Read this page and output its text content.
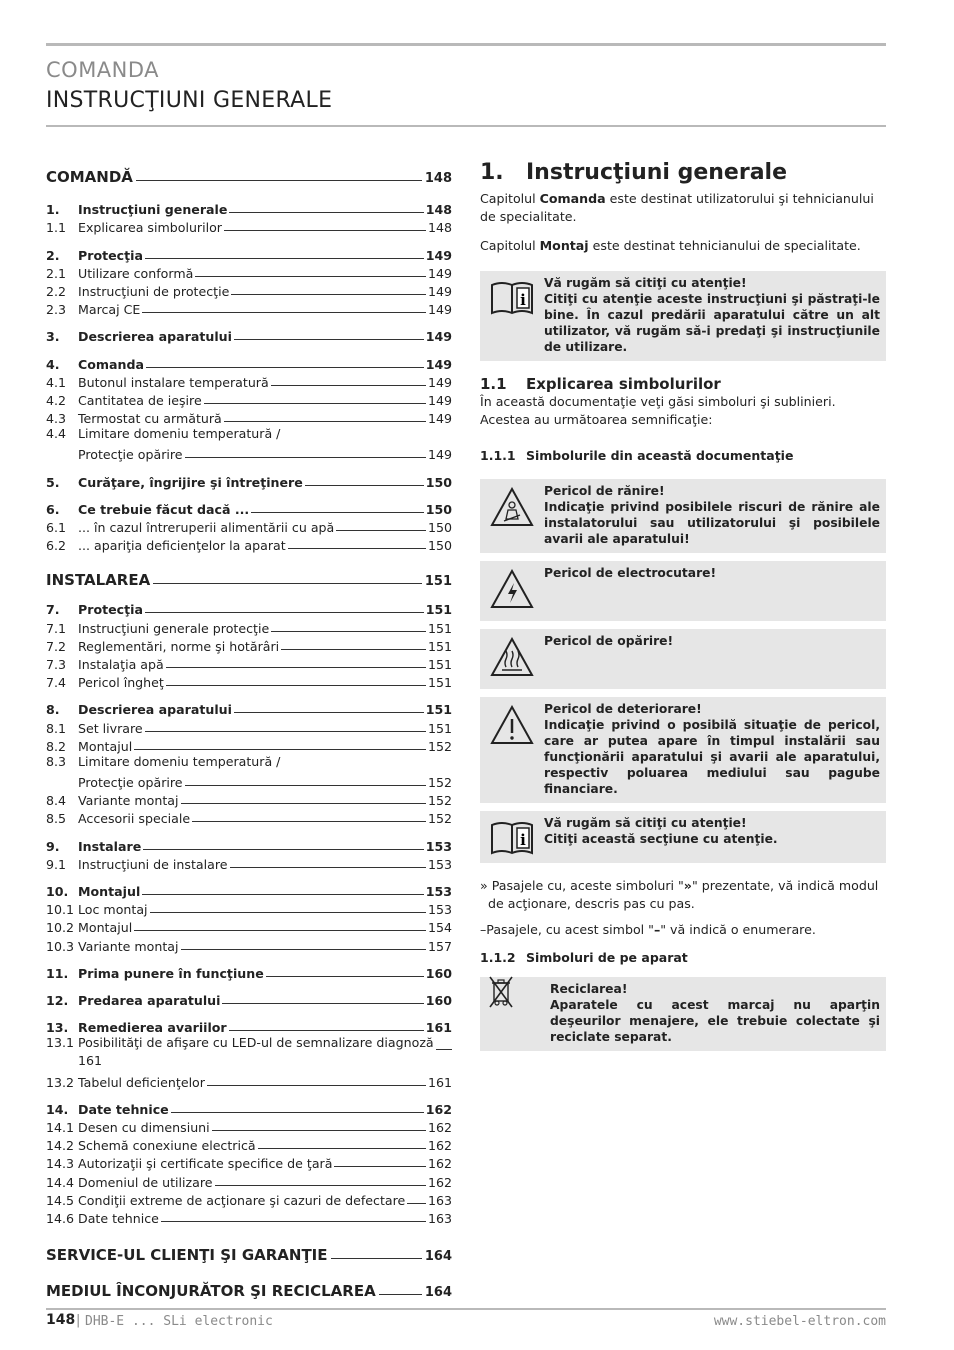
COMANDA
INSTRUCŢIUNI GENERALE
COMANDĂ	148
1.	Instrucţiuni generale	148
1.1 Explicarea simbolurilor	148
2.	Protecţia	149
2.1 Utilizare conformă	149
2.2 Instrucţiuni de protecţie	149
2.3 Marcaj CE	149
3.	Descrierea aparatului	149
4.	Comanda	149
4.1 Butonul instalare temperatură	149
4.2 Cantitatea de ieşire	149
4.3 Termostat cu armătură	149
4.4 Limitare domeniu temperatură /
Protecţie opărire	149
5.	Curăţare, îngrijire şi întreţinere	150
6.	Ce trebuie făcut dacă ...	150
6.1 ... în cazul întreruperii alimentării cu apă	150
6.2 ... apariţia deficienţelor la aparat	150
INSTALAREA	151
7.	Protecţia	151
7.1 Instrucţiuni generale protecţie	151
7.2 Reglementări, norme şi hotărâri	151
7.3 Instalaţia apă	151
7.4 Pericol îngheţ	151
8.	Descrierea aparatului	151
8.1 Set livrare	151
8.2 Montajul	152
8.3 Limitare domeniu temperatură /
Protecţie opărire	152
8.4 Variante montaj	152
8.5 Accesorii speciale	152
9.	Instalare	153
9.1 Instrucţiuni de instalare	153
10. Montajul	153
10.1 Loc montaj	153
10.2 Montajul	154
10.3 Variante montaj	157
11. Prima punere în funcţiune	160
12. Predarea aparatului	160
13. Remedierea avariilor	161
13.1 Posibilităţi de afişare cu LED-ul de semnalizare diagnoză
161
13.2 Tabelul deficienţelor	161
14. Date tehnice	162
14.1 Desen cu dimensiuni	162
14.2 Schemă conexiune electrică	162
14.3 Autorizaţii şi certificate specifice de ţară	162
14.4 Domeniul de utilizare	162
14.5 Condiţii extreme de acţionare şi cazuri de defectare 163
14.6 Date tehnice	163
SERVICE-UL CLIENŢI ŞI GARANŢIE	164
MEDIUL ÎNCONJURĂTOR ŞI RECICLAREA	164
1.	Instrucţiuni generale

Capitolul Comanda este destinat utilizatorului şi tehnicianului de specialitate.

Capitolul Montaj este destinat tehnicianului de specialitate.

i
Vă rugăm să citiţi cu atenţie!
Citiţi cu atenţie aceste instrucţiuni şi păstraţi-le bine. În cazul predării aparatului către un alt utilizator, vă rugăm să-i predaţi şi instrucţiunile de utilizare.
1.1	Explicarea simbolurilor

În această documentaţie veţi găsi simboluri şi sublinieri. Acestea au următoarea semnificaţie:

1.1.1 Simbolurile din această documentaţie
Pericol de rănire!
Indicaţie privind posibilele riscuri de rănire ale instalatorului sau utilizatorului şi posibilele avarii ale aparatului!
Pericol de electrocutare!
Pericol de opărire!
Pericol de deteriorare!
Indicaţie privind o posibilă situaţie de pericol, care ar putea apare în timpul instalării sau funcţionării aparatului şi avarii ale aparatului, respectiv poluarea mediului sau pagube financiare.
i
Vă rugăm să citiţi cu atenţie!
Citiţi această secţiune cu atenţie.

» Pasajele cu, aceste simboluri "»" prezentate, vă indică modul de acţionare, descris pas cu pas.

–Pasajele, cu acest simbol "–" vă indică o enumerare.

1.1.2 Simboluri de pe aparat
Reciclarea!
Aparatele cu acest marcaj nu aparţin deşeurilor menajere, ele trebuie colectate şi reciclate separat.
148 | DHB-E ... SLi electronic	www.stiebel-eltron.com
